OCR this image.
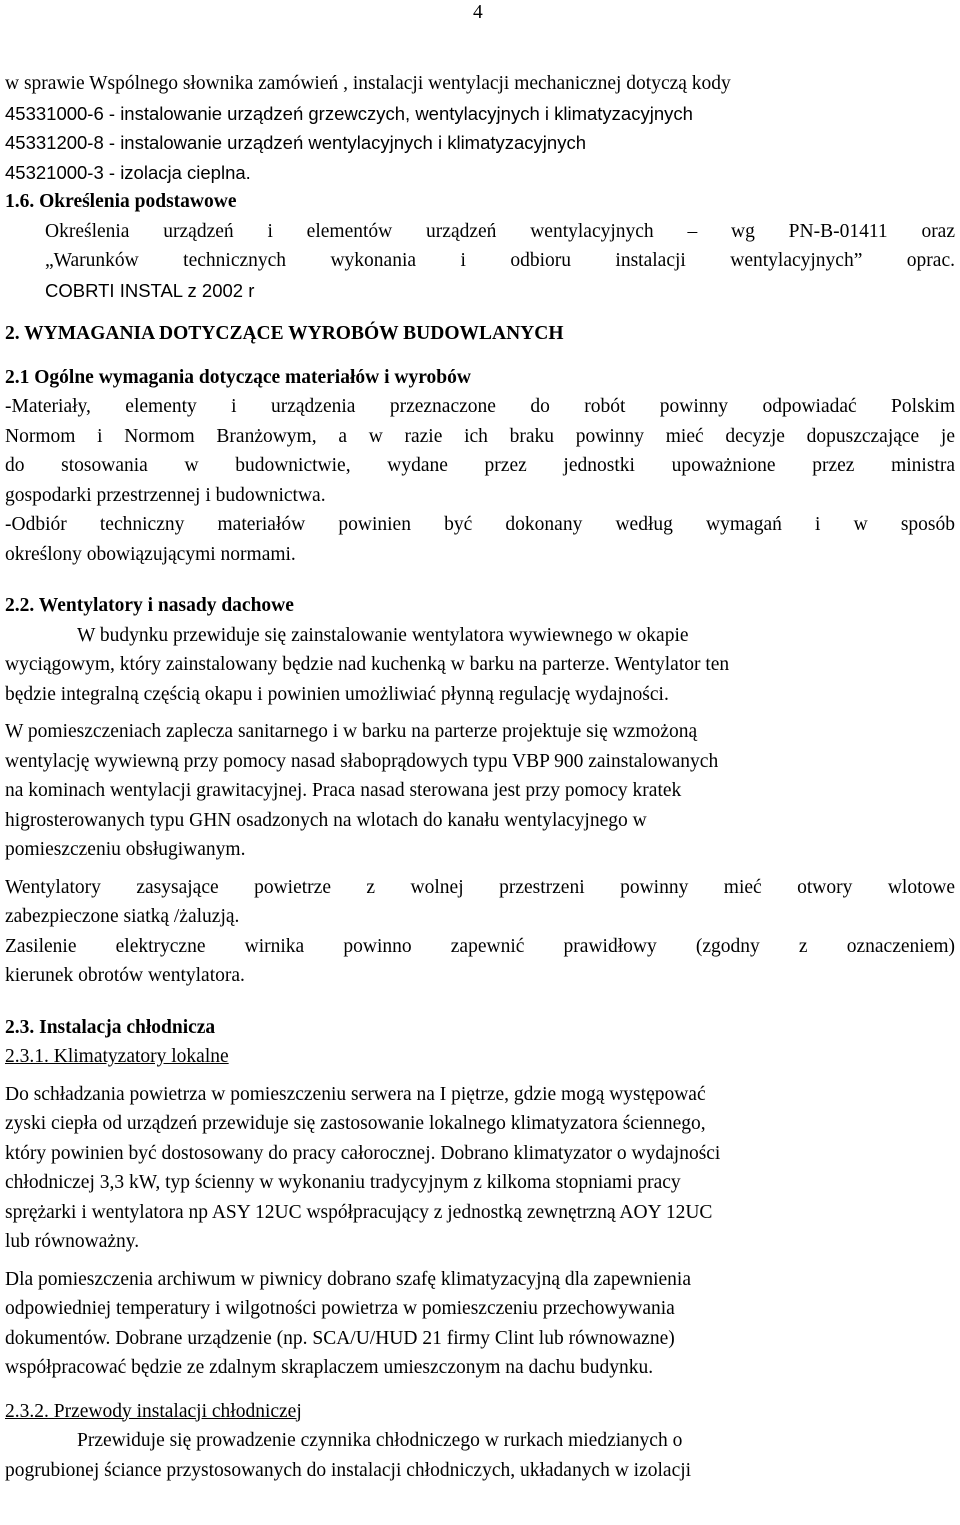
4

w sprawie Wspólnego słownika zamówień , instalacji wentylacji mechanicznej dotyczą kody

45331000-6 - instalowanie urządzeń grzewczych, wentylacyjnych i klimatyzacyjnych

45331200-8 - instalowanie urządzeń wentylacyjnych i klimatyzacyjnych

45321000-3 - izolacja cieplna.

1.6. Określenia podstawowe

Określenia urządzeń i elementów urządzeń wentylacyjnych – wg PN-B-01411 oraz

„Warunków technicznych wykonania i odbioru instalacji wentylacyjnych” oprac.

COBRTI INSTAL z 2002 r

2. WYMAGANIA DOTYCZĄCE WYROBÓW BUDOWLANYCH

2.1 Ogólne wymagania dotyczące materiałów i wyrobów

-Materiały, elementy i urządzenia przeznaczone do robót powinny odpowiadać Polskim

Normom i Normom Branżowym, a w razie ich braku powinny mieć decyzje dopuszczające je

do stosowania w budownictwie, wydane przez jednostki upoważnione przez ministra

gospodarki przestrzennej i budownictwa.

-Odbiór techniczny materiałów powinien być dokonany według wymagań i w sposób

określony obowiązującymi normami.

2.2. Wentylatory i nasady dachowe

W budynku przewiduje się zainstalowanie wentylatora wywiewnego w okapie

wyciągowym, który zainstalowany będzie nad kuchenką w barku na parterze. Wentylator ten

będzie integralną częścią okapu i powinien umożliwiać płynną regulację wydajności.

W pomieszczeniach zaplecza sanitarnego i w barku na parterze projektuje się wzmożoną

wentylację wywiewną przy pomocy nasad słaboprądowych typu VBP 900 zainstalowanych

na kominach wentylacji grawitacyjnej. Praca nasad sterowana jest przy pomocy kratek

higrosterowanych typu GHN osadzonych na wlotach do kanału wentylacyjnego w

pomieszczeniu obsługiwanym.

Wentylatory zasysające powietrze z wolnej przestrzeni powinny mieć otwory wlotowe

zabezpieczone siatką /żaluzją.

Zasilenie elektryczne wirnika powinno zapewnić prawidłowy (zgodny z oznaczeniem)

kierunek obrotów wentylatora.

2.3. Instalacja chłodnicza

2.3.1. Klimatyzatory lokalne

Do schładzania powietrza w pomieszczeniu serwera na I piętrze, gdzie mogą występować

zyski ciepła od urządzeń przewiduje się zastosowanie lokalnego klimatyzatora ściennego,

który powinien być dostosowany do pracy całorocznej. Dobrano klimatyzator o wydajności

chłodniczej 3,3 kW, typ ścienny w wykonaniu tradycyjnym z kilkoma stopniami pracy

sprężarki i wentylatora np ASY 12UC współpracujący z jednostką zewnętrzną AOY 12UC

lub równoważny.

Dla pomieszczenia archiwum w piwnicy dobrano szafę klimatyzacyjną dla zapewnienia

odpowiedniej temperatury i wilgotności powietrza w pomieszczeniu przechowywania

dokumentów. Dobrane urządzenie (np. SCA/U/HUD 21 firmy Clint lub równowazne)

współpracować będzie ze zdalnym skraplaczem umieszczonym na dachu budynku.

2.3.2. Przewody instalacji chłodniczej

Przewiduje się prowadzenie czynnika chłodniczego w rurkach miedzianych o

pogrubionej ściance przystosowanych do instalacji chłodniczych, układanych w izolacji
